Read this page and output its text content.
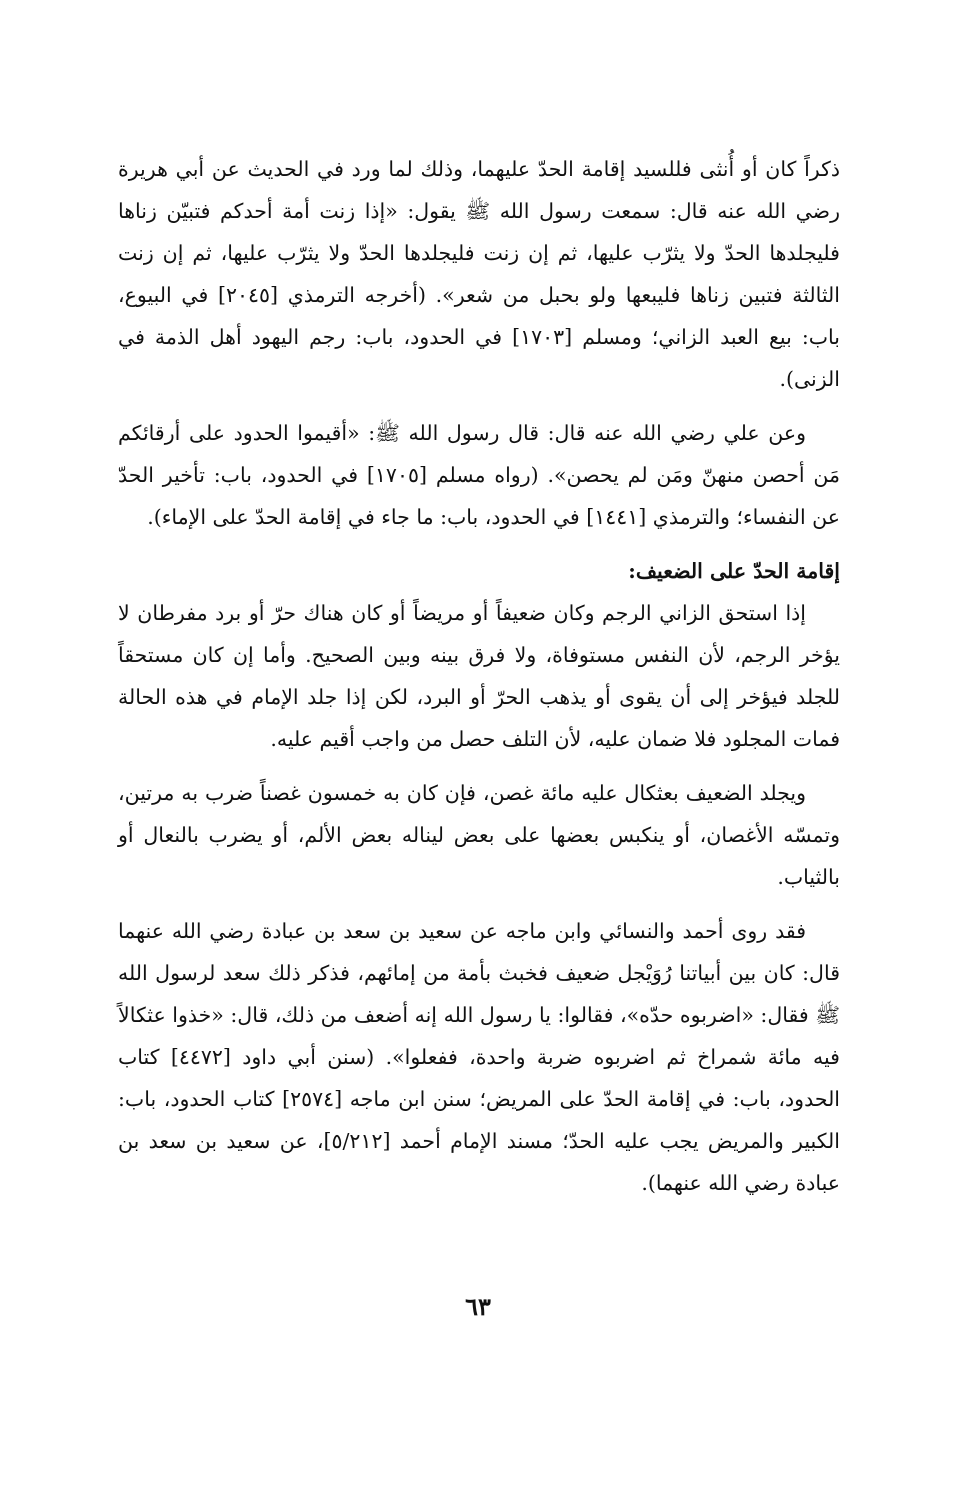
ذكراً كان أو أُنثى فللسيد إقامة الحدّ عليهما، وذلك لما ورد في الحديث عن أبي هريرة رضي الله عنه قال: سمعت رسول الله ﷺ يقول: «إذا زنت أمة أحدكم فتبيّن زناها فليجلدها الحدّ ولا يثرّب عليها، ثم إن زنت فليجلدها الحدّ ولا يثرّب عليها، ثم إن زنت الثالثة فتبين زناها فليبعها ولو بحبل من شعر». (أخرجه الترمذي [٢٠٤٥] في البيوع، باب: بيع العبد الزاني؛ ومسلم [١٧٠٣] في الحدود، باب: رجم اليهود أهل الذمة في الزنى).

وعن علي رضي الله عنه قال: قال رسول الله ﷺ: «أقيموا الحدود على أرقائكم مَن أحصن منهنّ ومَن لم يحصن». (رواه مسلم [١٧٠٥] في الحدود، باب: تأخير الحدّ عن النفساء؛ والترمذي [١٤٤١] في الحدود، باب: ما جاء في إقامة الحدّ على الإماء).

إقامة الحدّ على الضعيف:

إذا استحق الزاني الرجم وكان ضعيفاً أو مريضاً أو كان هناك حرّ أو برد مفرطان لا يؤخر الرجم، لأن النفس مستوفاة، ولا فرق بينه وبين الصحيح. وأما إن كان مستحقاً للجلد فيؤخر إلى أن يقوى أو يذهب الحرّ أو البرد، لكن إذا جلد الإمام في هذه الحالة فمات المجلود فلا ضمان عليه، لأن التلف حصل من واجب أقيم عليه.

ويجلد الضعيف بعثكال عليه مائة غصن، فإن كان به خمسون غصناً ضرب به مرتين، وتمسّه الأغصان، أو ينكبس بعضها على بعض ليناله بعض الألم، أو يضرب بالنعال أو بالثياب.

فقد روى أحمد والنسائي وابن ماجه عن سعيد بن سعد بن عبادة رضي الله عنهما قال: كان بين أبياتنا رُوَيْجل ضعيف فخبث بأمة من إمائهم، فذكر ذلك سعد لرسول الله ﷺ فقال: «اضربوه حدّه»، فقالوا: يا رسول الله إنه أضعف من ذلك، قال: «خذوا عثكالاً فيه مائة شمراخ ثم اضربوه ضربة واحدة، ففعلوا». (سنن أبي داود [٤٤٧٢] كتاب الحدود، باب: في إقامة الحدّ على المريض؛ سنن ابن ماجه [٢٥٧٤] كتاب الحدود، باب: الكبير والمريض يجب عليه الحدّ؛ مسند الإمام أحمد [٥/٢١٢]، عن سعيد بن سعد بن عبادة رضي الله عنهما).

٦٣
